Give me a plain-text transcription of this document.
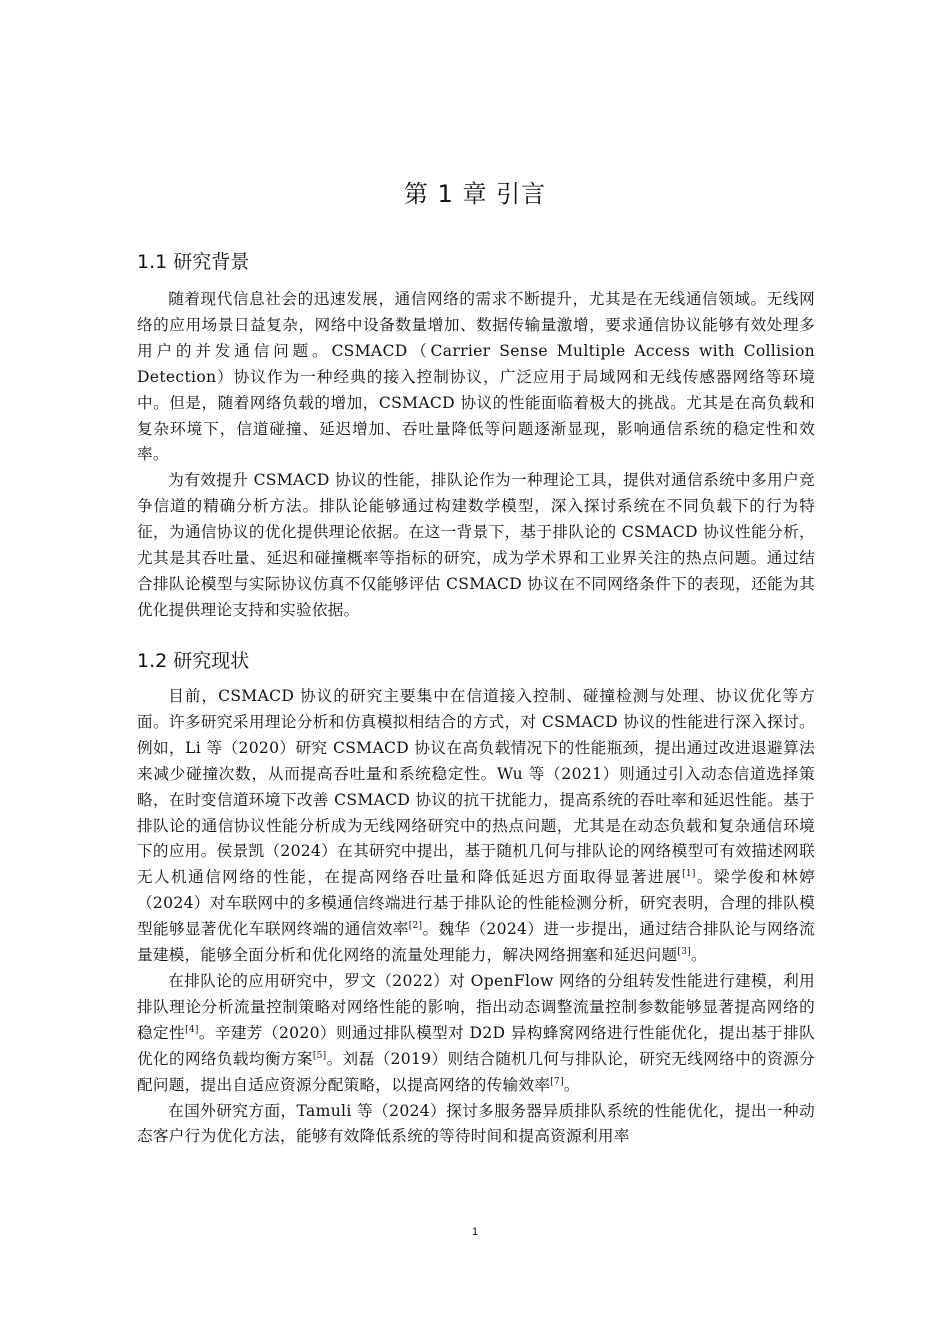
第 1 章 引言
1.1 研究背景

随着现代信息社会的迅速发展，通信网络的需求不断提升，尤其是在无线通信领域。无线网络的应用场景日益复杂，网络中设备数量增加、数据传输量激增，要求通信协议能够有效处理多用户的并发通信问题。CSMACD（Carrier Sense Multiple Access with Collision Detection）协议作为一种经典的接入控制协议，广泛应用于局域网和无线传感器网络等环境中。但是，随着网络负载的增加，CSMACD 协议的性能面临着极大的挑战。尤其是在高负载和复杂环境下，信道碰撞、延迟增加、吞吐量降低等问题逐渐显现，影响通信系统的稳定性和效率。

为有效提升 CSMACD 协议的性能，排队论作为一种理论工具，提供对通信系统中多用户竞争信道的精确分析方法。排队论能够通过构建数学模型，深入探讨系统在不同负载下的行为特征，为通信协议的优化提供理论依据。在这一背景下，基于排队论的 CSMACD 协议性能分析，尤其是其吞吐量、延迟和碰撞概率等指标的研究，成为学术界和工业界关注的热点问题。通过结合排队论模型与实际协议仿真不仅能够评估 CSMACD 协议在不同网络条件下的表现，还能为其优化提供理论支持和实验依据。

1.2 研究现状

目前，CSMACD 协议的研究主要集中在信道接入控制、碰撞检测与处理、协议优化等方面。许多研究采用理论分析和仿真模拟相结合的方式，对 CSMACD 协议的性能进行深入探讨。例如，Li 等（2020）研究 CSMACD 协议在高负载情况下的性能瓶颈，提出通过改进退避算法来减少碰撞次数，从而提高吞吐量和系统稳定性。Wu 等（2021）则通过引入动态信道选择策略，在时变信道环境下改善 CSMACD 协议的抗干扰能力，提高系统的吞吐率和延迟性能。基于排队论的通信协议性能分析成为无线网络研究中的热点问题，尤其是在动态负载和复杂通信环境下的应用。侯景凯（2024）在其研究中提出，基于随机几何与排队论的网络模型可有效描述网联无人机通信网络的性能，在提高网络吞吐量和降低延迟方面取得显著进展[1]。梁学俊和林婷（2024）对车联网中的多模通信终端进行基于排队论的性能检测分析，研究表明，合理的排队模型能够显著优化车联网终端的通信效率[2]。魏华（2024）进一步提出，通过结合排队论与网络流量建模，能够全面分析和优化网络的流量处理能力，解决网络拥塞和延迟问题[3]。

在排队论的应用研究中，罗文（2022）对 OpenFlow 网络的分组转发性能进行建模，利用排队理论分析流量控制策略对网络性能的影响，指出动态调整流量控制参数能够显著提高网络的稳定性[4]。辛建芳（2020）则通过排队模型对 D2D 异构蜂窝网络进行性能优化，提出基于排队优化的网络负载均衡方案[5]。刘磊（2019）则结合随机几何与排队论，研究无线网络中的资源分配问题，提出自适应资源分配策略，以提高网络的传输效率[7]。

在国外研究方面，Tamuli 等（2024）探讨多服务器异质排队系统的性能优化，提出一种动态客户行为优化方法，能够有效降低系统的等待时间和提高资源利用率

1
